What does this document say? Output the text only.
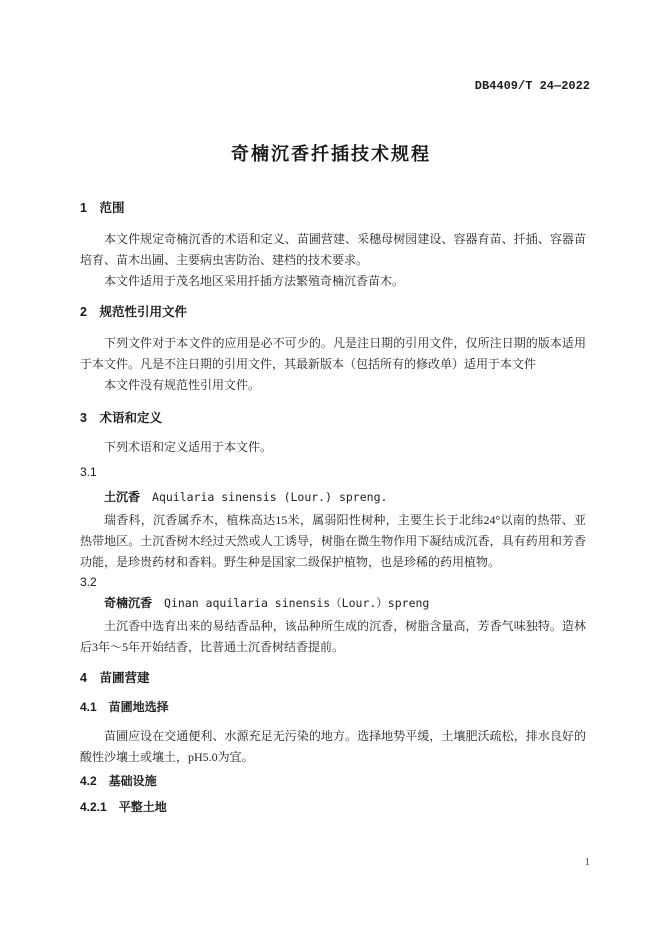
DB4409/T 24—2022
奇楠沉香扦插技术规程
1　范围
本文件规定奇楠沉香的术语和定义、苗圃营建、采穗母树园建设、容器育苗、扦插、容器苗培育、苗木出圃、主要病虫害防治、建档的技术要求。
本文件适用于茂名地区采用扦插方法繁殖奇楠沉香苗木。
2　规范性引用文件
下列文件对于本文件的应用是必不可少的。凡是注日期的引用文件，仅所注日期的版本适用于本文件。凡是不注日期的引用文件，其最新版本（包括所有的修改单）适用于本文件
本文件没有规范性引用文件。
3　术语和定义
下列术语和定义适用于本文件。
3.1
土沉香 Aquilaria sinensis (Lour.) spreng.
瑞香科，沉香属乔木，植株高达15米，属弱阳性树种，主要生长于北纬24°以南的热带、亚热带地区。土沉香树木经过天然或人工诱导，树脂在微生物作用下凝结成沉香，具有药用和芳香功能，是珍贵药材和香料。野生种是国家二级保护植物，也是珍稀的药用植物。
3.2
奇楠沉香 Qinan aquilaria sinensis（Lour.）spreng
土沉香中选育出来的易结香品种，该品种所生成的沉香，树脂含量高，芳香气味独特。造林后3年～5年开始结香，比普通土沉香树结香提前。
4　苗圃营建
4.1　苗圃地选择
苗圃应设在交通便利、水源充足无污染的地方。选择地势平缓，土壤肥沃疏松，排水良好的酸性沙壤土或壤土，pH5.0为宜。
4.2　基础设施
4.2.1　平整土地
1
